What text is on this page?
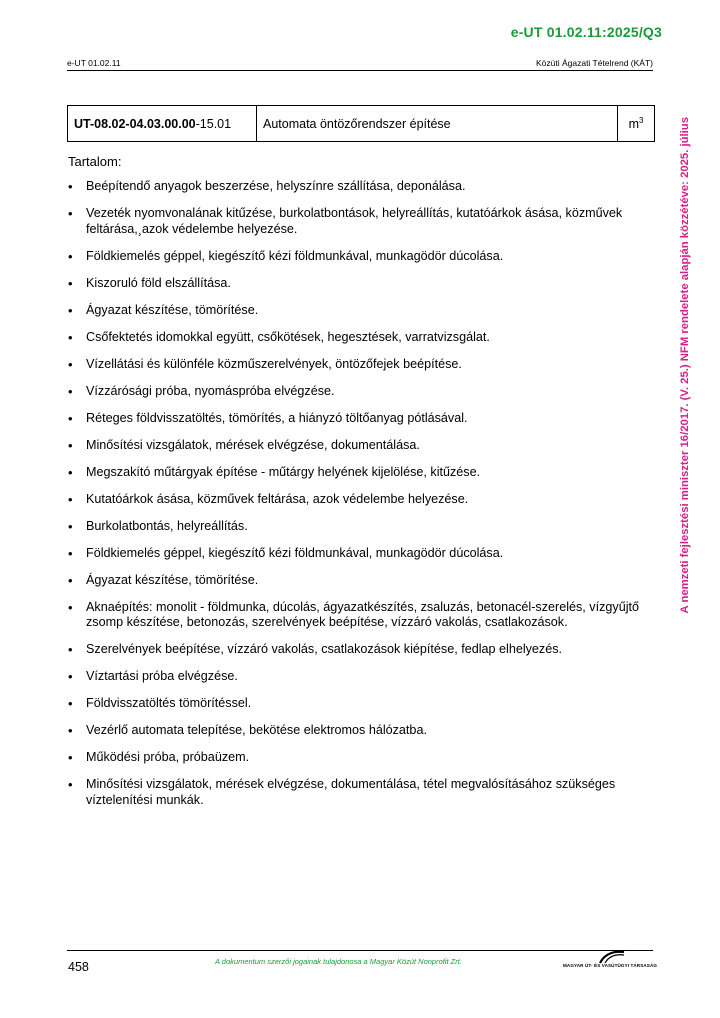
e-UT 01.02.11:2025/Q3
e-UT 01.02.11	Közúti Ágazati Tételrend (KÁT)
A nemzeti fejlesztési miniszter 16/2017. (V. 25.) NFM rendelete alapján közzétéve: 2025. július
UT-08.02-04.03.00.00-15.01	Automata öntözőrendszer építése	$m^3$
Tartalom:
• Beépítendő anyagok beszerzése, helyszínre szállítása, deponálása.
• Vezeték nyomvonalának kitűzése, burkolatbontások, helyreállítás, kutatóárkok ásása, közművek feltárása,¸azok védelembe helyezése.
• Földkiemelés géppel, kiegészítő kézi földmunkával, munkagödör dúcolása.
• Kiszoruló föld elszállítása.
• Ágyazat készítése, tömörítése.
• Csőfektetés idomokkal együtt, csőkötések, hegesztések, varratvizsgálat.
• Vízellátási és különféle közműszerelvények, öntözőfejek beépítése.
• Vízzárósági próba, nyomáspróba elvégzése.
• Réteges földvisszatöltés, tömörítés, a hiányzó töltőanyag pótlásával.
• Minősítési vizsgálatok, mérések elvégzése, dokumentálása.
• Megszakító műtárgyak építése - műtárgy helyének kijelölése, kitűzése.
• Kutatóárkok ásása, közművek feltárása, azok védelembe helyezése.
• Burkolatbontás, helyreállítás.
• Földkiemelés géppel, kiegészítő kézi földmunkával, munkagödör dúcolása.
• Ágyazat készítése, tömörítése.
• Aknaépítés: monolit - földmunka, dúcolás, ágyazatkészítés, zsaluzás, betonacél-szerelés, vízgyűjtő zsomp készítése, betonozás, szerelvények beépítése, vízzáró vakolás, csatlakozások.
• Szerelvények beépítése, vízzáró vakolás, csatlakozások kiépítése, fedlap elhelyezés.
• Víztartási próba elvégzése.
• Földvisszatöltés tömörítéssel.
• Vezérlő automata telepítése, bekötése elektromos hálózatba.
• Működési próba, próbaüzem.
• Minősítési vizsgálatok, mérések elvégzése, dokumentálása, tétel megvalósításához szükséges víztelenítési munkák.
458	A dokumentum szerzői jogainak tulajdonosa a Magyar Közút Nonprofit Zrt.	MAGYAR ÚT- ÉS VASÚTÜGYI TÁRSASÁG
